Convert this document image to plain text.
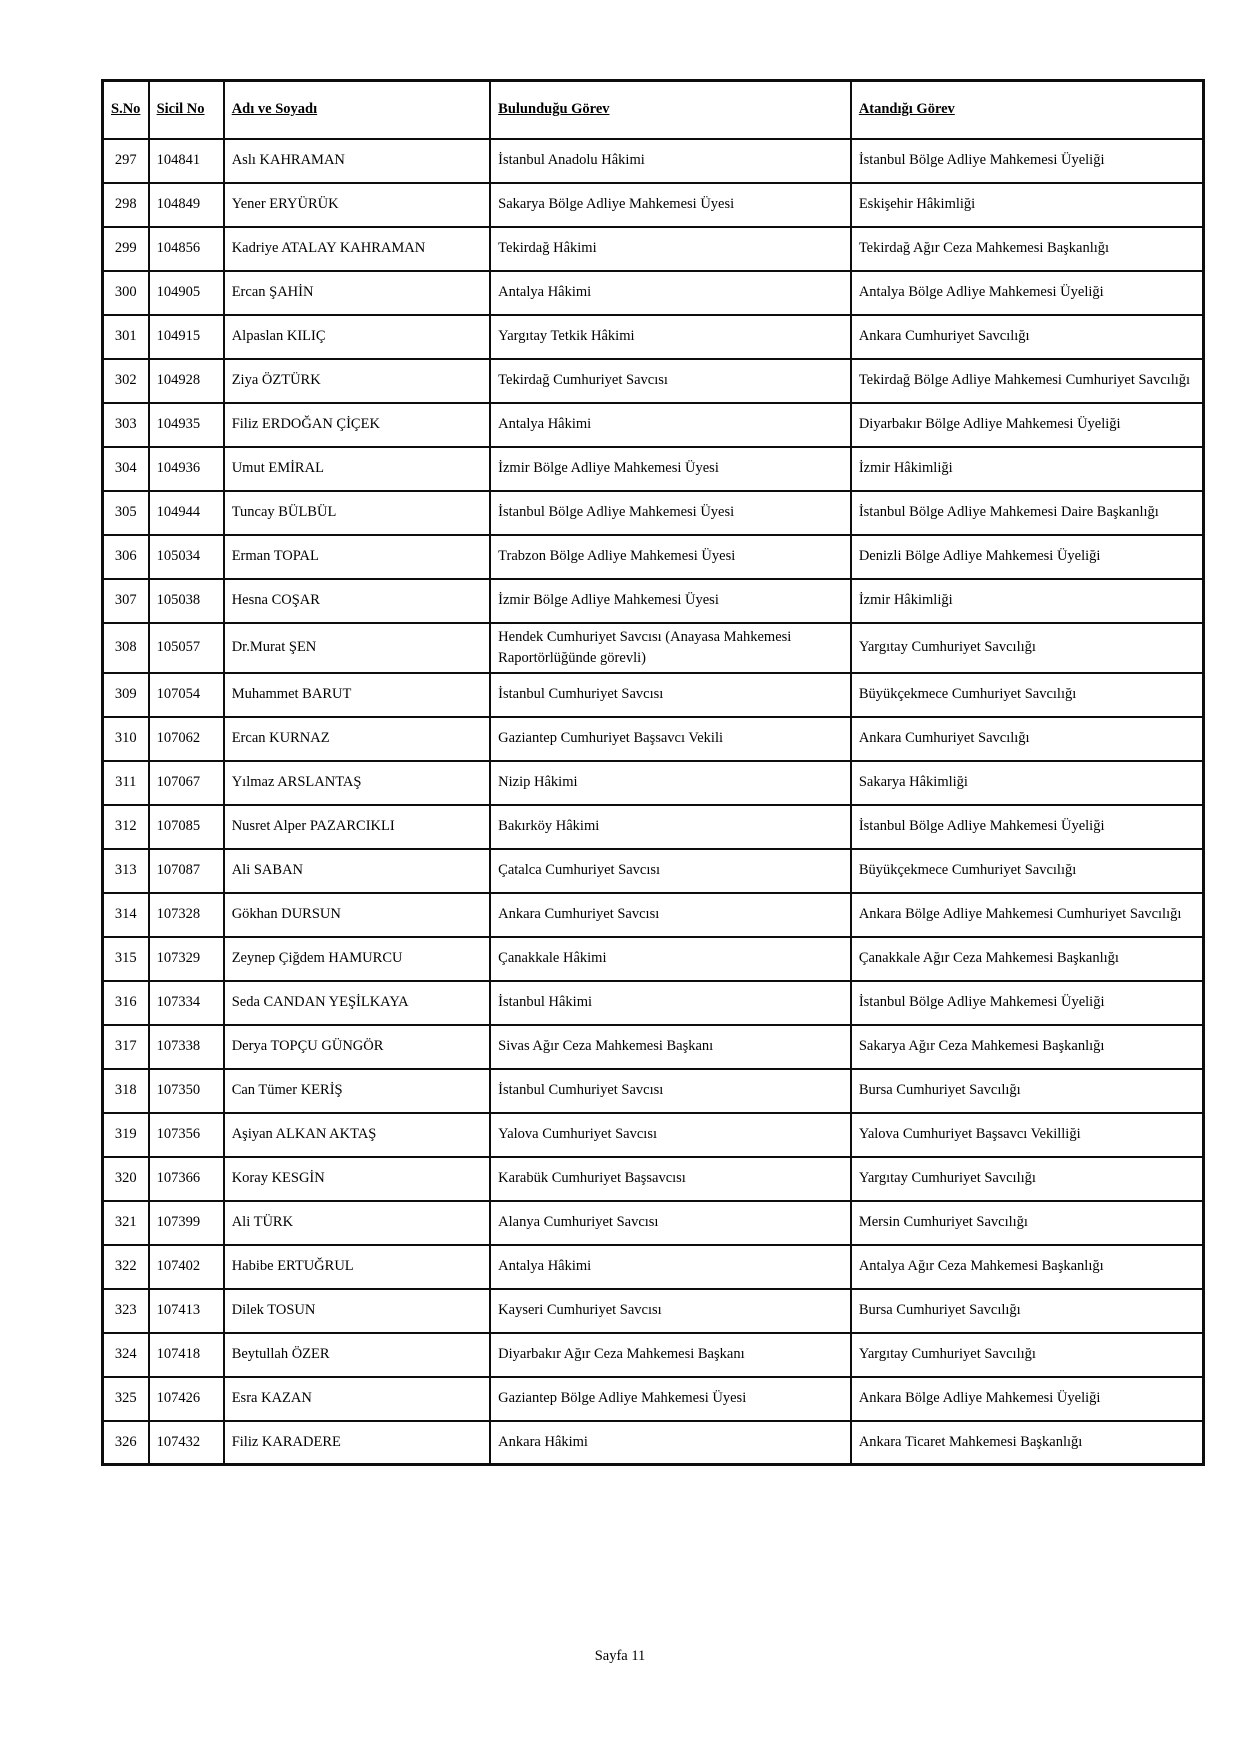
S.No	Sicil No	Adı ve Soyadı	Bulunduğu Görev	Atandığı Görev
297	104841	Aslı KAHRAMAN	İstanbul Anadolu Hâkimi	İstanbul Bölge Adliye Mahkemesi Üyeliği
298	104849	Yener ERYÜRÜK	Sakarya Bölge Adliye Mahkemesi Üyesi	Eskişehir Hâkimliği
299	104856	Kadriye ATALAY KAHRAMAN	Tekirdağ Hâkimi	Tekirdağ Ağır Ceza Mahkemesi Başkanlığı
300	104905	Ercan ŞAHİN	Antalya Hâkimi	Antalya Bölge Adliye Mahkemesi Üyeliği
301	104915	Alpaslan KILIÇ	Yargıtay Tetkik Hâkimi	Ankara Cumhuriyet Savcılığı
302	104928	Ziya ÖZTÜRK	Tekirdağ Cumhuriyet Savcısı	Tekirdağ Bölge Adliye Mahkemesi Cumhuriyet Savcılığı
303	104935	Filiz ERDOĞAN ÇİÇEK	Antalya Hâkimi	Diyarbakır Bölge Adliye Mahkemesi Üyeliği
304	104936	Umut EMİRAL	İzmir Bölge Adliye Mahkemesi Üyesi	İzmir Hâkimliği
305	104944	Tuncay BÜLBÜL	İstanbul Bölge Adliye Mahkemesi Üyesi	İstanbul Bölge Adliye Mahkemesi Daire Başkanlığı
306	105034	Erman TOPAL	Trabzon Bölge Adliye Mahkemesi Üyesi	Denizli Bölge Adliye Mahkemesi Üyeliği
307	105038	Hesna COŞAR	İzmir Bölge Adliye Mahkemesi Üyesi	İzmir Hâkimliği
308	105057	Dr.Murat ŞEN	Hendek Cumhuriyet Savcısı (Anayasa Mahkemesi Raportörlüğünde görevli)	Yargıtay Cumhuriyet Savcılığı
309	107054	Muhammet BARUT	İstanbul Cumhuriyet Savcısı	Büyükçekmece Cumhuriyet Savcılığı
310	107062	Ercan KURNAZ	Gaziantep Cumhuriyet Başsavcı Vekili	Ankara Cumhuriyet Savcılığı
311	107067	Yılmaz ARSLANTAŞ	Nizip Hâkimi	Sakarya Hâkimliği
312	107085	Nusret Alper PAZARCIKLI	Bakırköy Hâkimi	İstanbul Bölge Adliye Mahkemesi Üyeliği
313	107087	Ali SABAN	Çatalca Cumhuriyet Savcısı	Büyükçekmece Cumhuriyet Savcılığı
314	107328	Gökhan DURSUN	Ankara Cumhuriyet Savcısı	Ankara Bölge Adliye Mahkemesi Cumhuriyet Savcılığı
315	107329	Zeynep Çiğdem HAMURCU	Çanakkale Hâkimi	Çanakkale Ağır Ceza Mahkemesi Başkanlığı
316	107334	Seda CANDAN YEŞİLKAYA	İstanbul Hâkimi	İstanbul Bölge Adliye Mahkemesi Üyeliği
317	107338	Derya TOPÇU GÜNGÖR	Sivas Ağır Ceza Mahkemesi Başkanı	Sakarya Ağır Ceza Mahkemesi Başkanlığı
318	107350	Can Tümer KERİŞ	İstanbul Cumhuriyet Savcısı	Bursa Cumhuriyet Savcılığı
319	107356	Aşiyan ALKAN AKTAŞ	Yalova Cumhuriyet Savcısı	Yalova Cumhuriyet Başsavcı Vekilliği
320	107366	Koray KESGİN	Karabük Cumhuriyet Başsavcısı	Yargıtay Cumhuriyet Savcılığı
321	107399	Ali TÜRK	Alanya Cumhuriyet Savcısı	Mersin Cumhuriyet Savcılığı
322	107402	Habibe ERTUĞRUL	Antalya Hâkimi	Antalya Ağır Ceza Mahkemesi Başkanlığı
323	107413	Dilek TOSUN	Kayseri Cumhuriyet Savcısı	Bursa Cumhuriyet Savcılığı
324	107418	Beytullah ÖZER	Diyarbakır Ağır Ceza Mahkemesi Başkanı	Yargıtay Cumhuriyet Savcılığı
325	107426	Esra KAZAN	Gaziantep Bölge Adliye Mahkemesi Üyesi	Ankara Bölge Adliye Mahkemesi Üyeliği
326	107432	Filiz KARADERE	Ankara Hâkimi	Ankara Ticaret Mahkemesi Başkanlığı
Sayfa 11
